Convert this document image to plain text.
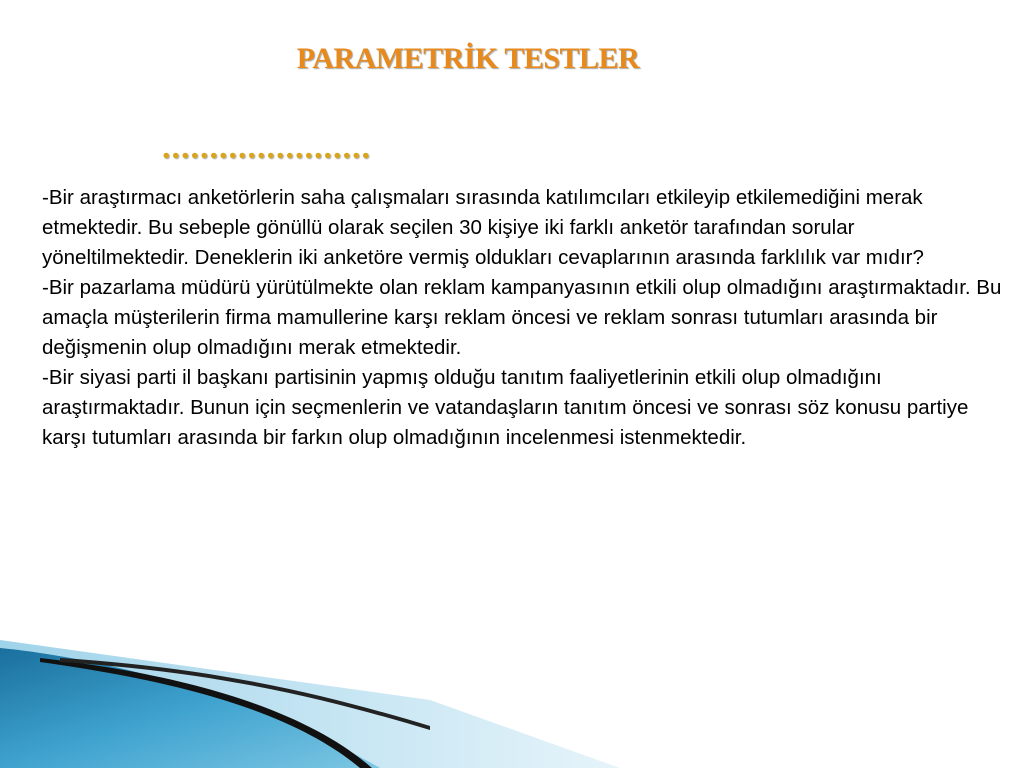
PARAMETRİK TESTLER
......................

-Bir araştırmacı anketörlerin saha çalışmaları sırasında katılımcıları etkileyip etkilemediğini merak etmektedir. Bu sebeple gönüllü olarak seçilen 30 kişiye iki farklı anketör tarafından sorular yöneltilmektedir. Deneklerin iki anketöre vermiş oldukları cevaplarının arasında farklılık var mıdır?

-Bir pazarlama müdürü yürütülmekte olan reklam kampanyasının etkili olup olmadığını araştırmaktadır. Bu amaçla müşterilerin firma mamullerine karşı reklam öncesi ve reklam sonrası tutumları arasında bir değişmenin olup olmadığını merak etmektedir.

-Bir siyasi parti il başkanı partisinin yapmış olduğu tanıtım faaliyetlerinin etkili olup olmadığını araştırmaktadır. Bunun için seçmenlerin ve vatandaşların tanıtım öncesi ve sonrası söz konusu partiye karşı tutumları arasında bir farkın olup olmadığının incelenmesi istenmektedir.
